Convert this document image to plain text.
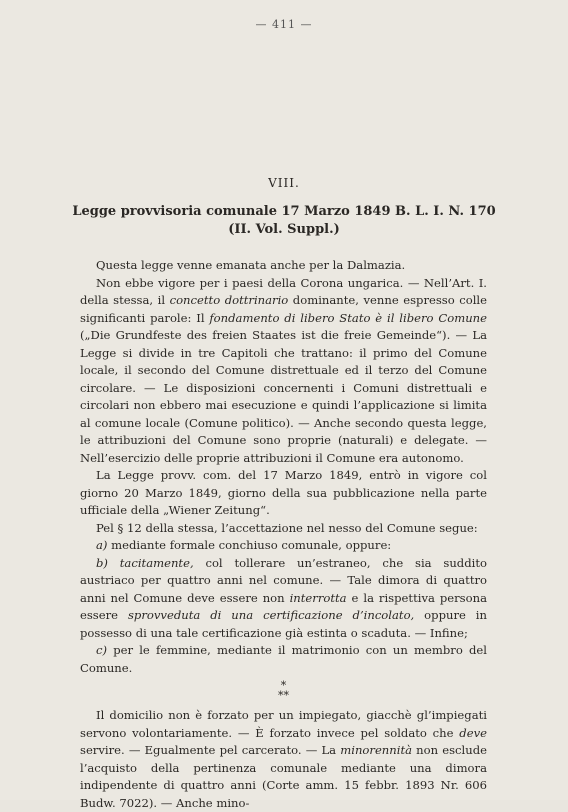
— 411 —
VIII.
Legge provvisoria comunale 17 Marzo 1849 B. L. I. N. 170
(II. Vol. Suppl.)

Questa legge venne emanata anche per la Dalmazia.

Non ebbe vigore per i paesi della Corona ungarica. — Nell’Art. I. della stessa, il concetto dottrinario dominante, venne espresso colle significanti parole: Il fondamento di libero Stato è il libero Comune („Die Grundfeste des freien Staates ist die freie Gemeinde“). — La Legge si divide in tre Capitoli che trattano: il primo del Comune locale, il secondo del Comune distrettuale ed il terzo del Comune circolare. — Le disposizioni concernenti i Comuni distrettuali e circolari non ebbero mai esecuzione e quindi l’applicazione si limita al comune locale (Comune politico). — Anche secondo questa legge, le attribuzioni del Comune sono proprie (naturali) e delegate. — Nell’esercizio delle proprie attribuzioni il Comune era autonomo.

La Legge provv. com. del 17 Marzo 1849, entrò in vigore col giorno 20 Marzo 1849, giorno della sua pubblicazione nella parte ufficiale della „Wiener Zeitung“.

Pel § 12 della stessa, l’accettazione nel nesso del Comune segue:

a) mediante formale conchiuso comunale, oppure:

b) tacitamente, col tollerare un’estraneo, che sia suddito austriaco per quattro anni nel comune. — Tale dimora di quattro anni nel Comune deve essere non interrotta e la rispettiva persona essere sprovveduta di una certificazione d’incolato, oppure in possesso di una tale certificazione già estinta o scaduta. — Infine;

c) per le femmine, mediante il matrimonio con un membro del Comune.

*
**

Il domicilio non è forzato per un impiegato, giacchè gl’impiegati servono volontariamente. — È forzato invece pel soldato che deve servire. — Egualmente pel carcerato. — La minorennità non esclude l’acquisto della pertinenza comunale mediante una dimora indipendente di quattro anni (Corte amm. 15 febbr. 1893 Nr. 606 Budw. 7022). — Anche mino-
